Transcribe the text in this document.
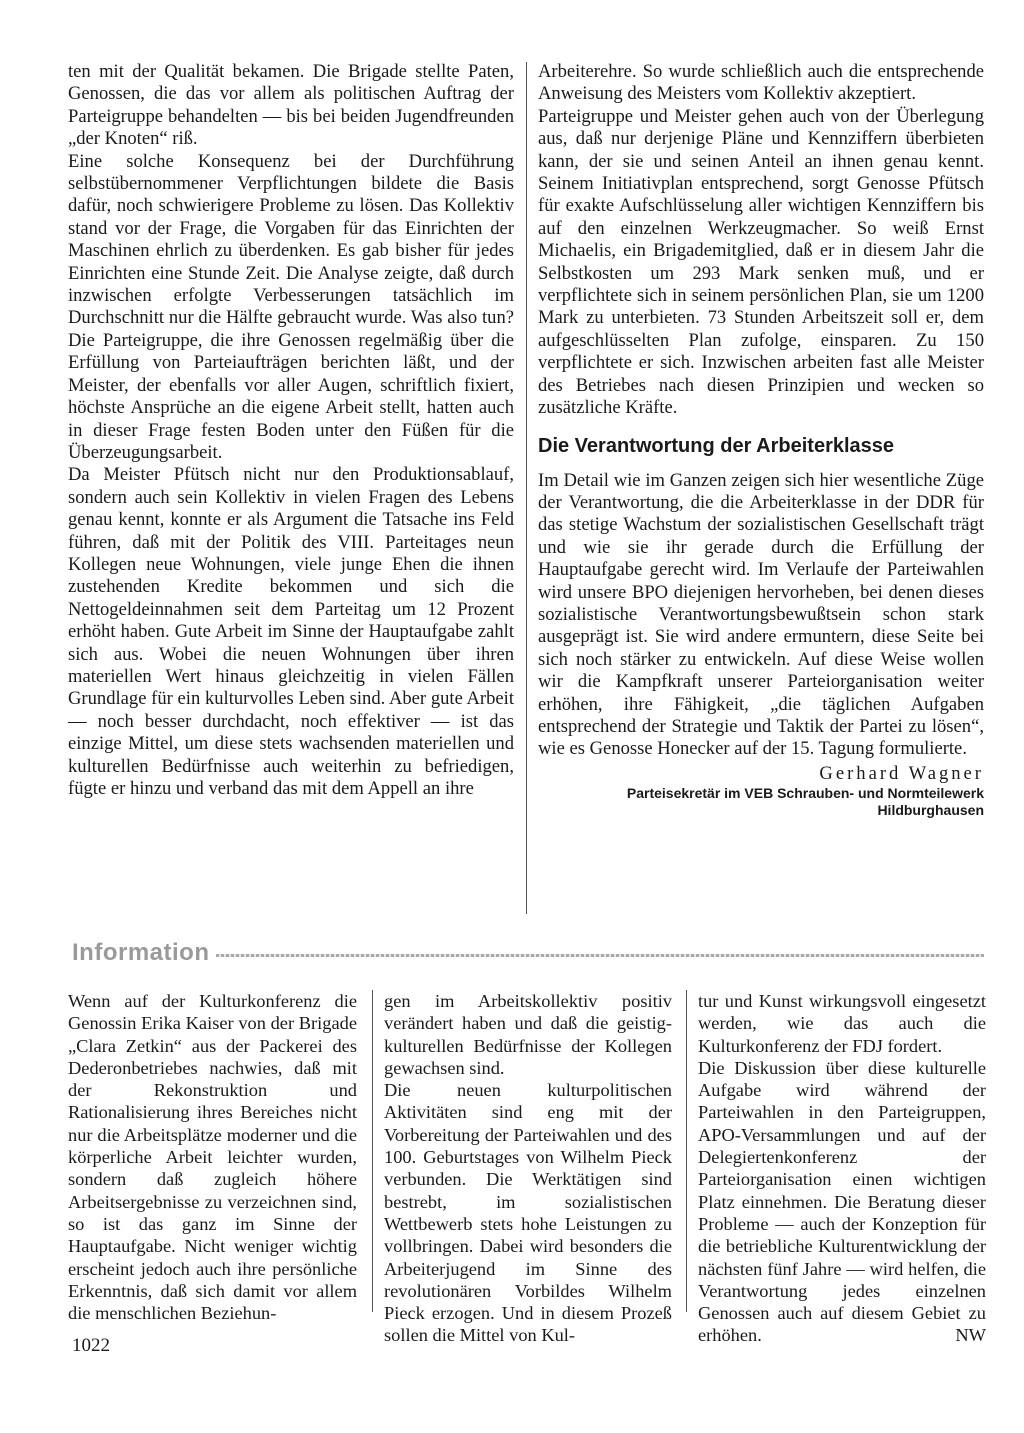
ten mit der Qualität bekamen. Die Brigade stellte Paten, Genossen, die das vor allem als politischen Auftrag der Parteigruppe behandelten — bis bei beiden Jugendfreunden „der Knoten“ riß.

Eine solche Konsequenz bei der Durchführung selbstübernommener Verpflichtungen bildete die Basis dafür, noch schwierigere Probleme zu lösen. Das Kollektiv stand vor der Frage, die Vorgaben für das Einrichten der Maschinen ehrlich zu überdenken. Es gab bisher für jedes Einrichten eine Stunde Zeit. Die Analyse zeigte, daß durch inzwischen erfolgte Verbesserungen tatsächlich im Durchschnitt nur die Hälfte gebraucht wurde. Was also tun? Die Parteigruppe, die ihre Genossen regelmäßig über die Erfüllung von Parteiaufträgen berichten läßt, und der Meister, der ebenfalls vor aller Augen, schriftlich fixiert, höchste Ansprüche an die eigene Arbeit stellt, hatten auch in dieser Frage festen Boden unter den Füßen für die Überzeugungsarbeit.

Da Meister Pfütsch nicht nur den Produktionsablauf, sondern auch sein Kollektiv in vielen Fragen des Lebens genau kennt, konnte er als Argument die Tatsache ins Feld führen, daß mit der Politik des VIII. Parteitages neun Kollegen neue Wohnungen, viele junge Ehen die ihnen zustehenden Kredite bekommen und sich die Nettogeldeinnahmen seit dem Parteitag um 12 Prozent erhöht haben. Gute Arbeit im Sinne der Hauptaufgabe zahlt sich aus. Wobei die neuen Wohnungen über ihren materiellen Wert hinaus gleichzeitig in vielen Fällen Grundlage für ein kulturvolles Leben sind. Aber gute Arbeit — noch besser durchdacht, noch effektiver — ist das einzige Mittel, um diese stets wachsenden materiellen und kulturellen Bedürfnisse auch weiterhin zu befriedigen, fügte er hinzu und verband das mit dem Appell an ihre

Arbeiterehre. So wurde schließlich auch die entsprechende Anweisung des Meisters vom Kollektiv akzeptiert.

Parteigruppe und Meister gehen auch von der Überlegung aus, daß nur derjenige Pläne und Kennziffern überbieten kann, der sie und seinen Anteil an ihnen genau kennt. Seinem Initiativplan entsprechend, sorgt Genosse Pfütsch für exakte Aufschlüsselung aller wichtigen Kennziffern bis auf den einzelnen Werkzeugmacher. So weiß Ernst Michaelis, ein Brigademitglied, daß er in diesem Jahr die Selbstkosten um 293 Mark senken muß, und er verpflichtete sich in seinem persönlichen Plan, sie um 1200 Mark zu unterbieten. 73 Stunden Arbeitszeit soll er, dem aufgeschlüsselten Plan zufolge, einsparen. Zu 150 verpflichtete er sich. Inzwischen arbeiten fast alle Meister des Betriebes nach diesen Prinzipien und wecken so zusätzliche Kräfte.

Die Verantwortung der Arbeiterklasse

Im Detail wie im Ganzen zeigen sich hier wesentliche Züge der Verantwortung, die die Arbeiterklasse in der DDR für das stetige Wachstum der sozialistischen Gesellschaft trägt und wie sie ihr gerade durch die Erfüllung der Hauptaufgabe gerecht wird. Im Verlaufe der Parteiwahlen wird unsere BPO diejenigen hervorheben, bei denen dieses sozialistische Verantwortungsbewußtsein schon stark ausgeprägt ist. Sie wird andere ermuntern, diese Seite bei sich noch stärker zu entwickeln. Auf diese Weise wollen wir die Kampfkraft unserer Parteiorganisation weiter erhöhen, ihre Fähigkeit, „die täglichen Aufgaben entsprechend der Strategie und Taktik der Partei zu lösen“, wie es Genosse Honecker auf der 15. Tagung formulierte.

Gerhard Wagner

Parteisekretär im VEB Schrauben- und Normteilewerk
Hildburghausen

Information

Wenn auf der Kulturkonferenz die Genossin Erika Kaiser von der Brigade „Clara Zetkin“ aus der Packerei des Dederonbetriebes nachwies, daß mit der Rekonstruktion und Rationalisierung ihres Bereiches nicht nur die Arbeitsplätze moderner und die körperliche Arbeit leichter wurden, sondern daß zugleich höhere Arbeitsergebnisse zu verzeichnen sind, so ist das ganz im Sinne der Hauptaufgabe. Nicht weniger wichtig erscheint jedoch auch ihre persönliche Erkenntnis, daß sich damit vor allem die menschlichen Beziehun-

gen im Arbeitskollektiv positiv verändert haben und daß die geistig-kulturellen Bedürfnisse der Kollegen gewachsen sind.

Die neuen kulturpolitischen Aktivitäten sind eng mit der Vorbereitung der Parteiwahlen und des 100. Geburtstages von Wilhelm Pieck verbunden. Die Werktätigen sind bestrebt, im sozialistischen Wettbewerb stets hohe Leistungen zu vollbringen. Dabei wird besonders die Arbeiterjugend im Sinne des revolutionären Vorbildes Wilhelm Pieck erzogen. Und in diesem Prozeß sollen die Mittel von Kul-

tur und Kunst wirkungsvoll eingesetzt werden, wie das auch die Kulturkonferenz der FDJ fordert.

Die Diskussion über diese kulturelle Aufgabe wird während der Parteiwahlen in den Parteigruppen, APO-Versammlungen und auf der Delegiertenkonferenz der Parteiorganisation einen wichtigen Platz einnehmen. Die Beratung dieser Probleme — auch der Konzeption für die betriebliche Kulturentwicklung der nächsten fünf Jahre — wird helfen, die Verantwortung jedes einzelnen Genossen auch auf diesem Gebiet zu erhöhen.	NW

1022
